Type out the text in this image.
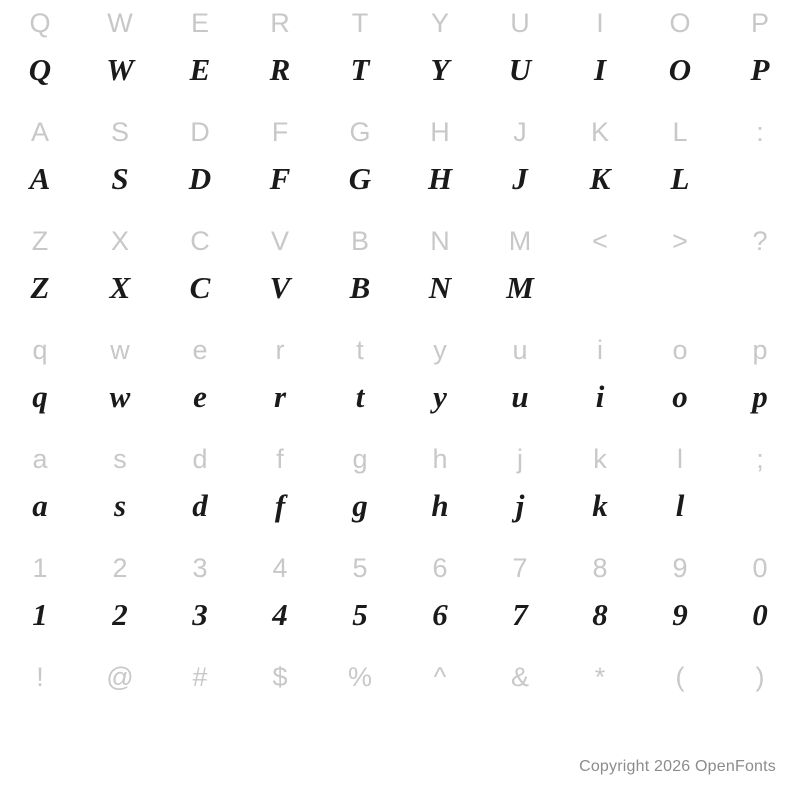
Q	W	E	R	T	Y	U	I	O	P
Q	W	E	R	T	Y	U	I	O	P
A	S	D	F	G	H	J	K	L	:
A	S	D	F	G	H	J	K	L
Z	X	C	V	B	N	M	<	>	?
Z	X	C	V	B	N	M
q	w	e	r	t	y	u	i	o	p
q	w	e	r	t	y	u	i	o	p
a	s	d	f	g	h	j	k	l	;
a	s	d	f	g	h	j	k	l
1	2	3	4	5	6	7	8	9	0
1	2	3	4	5	6	7	8	9	0
!	@	#	$	%	^	&	*	(	)
Copyright 2026 OpenFonts
